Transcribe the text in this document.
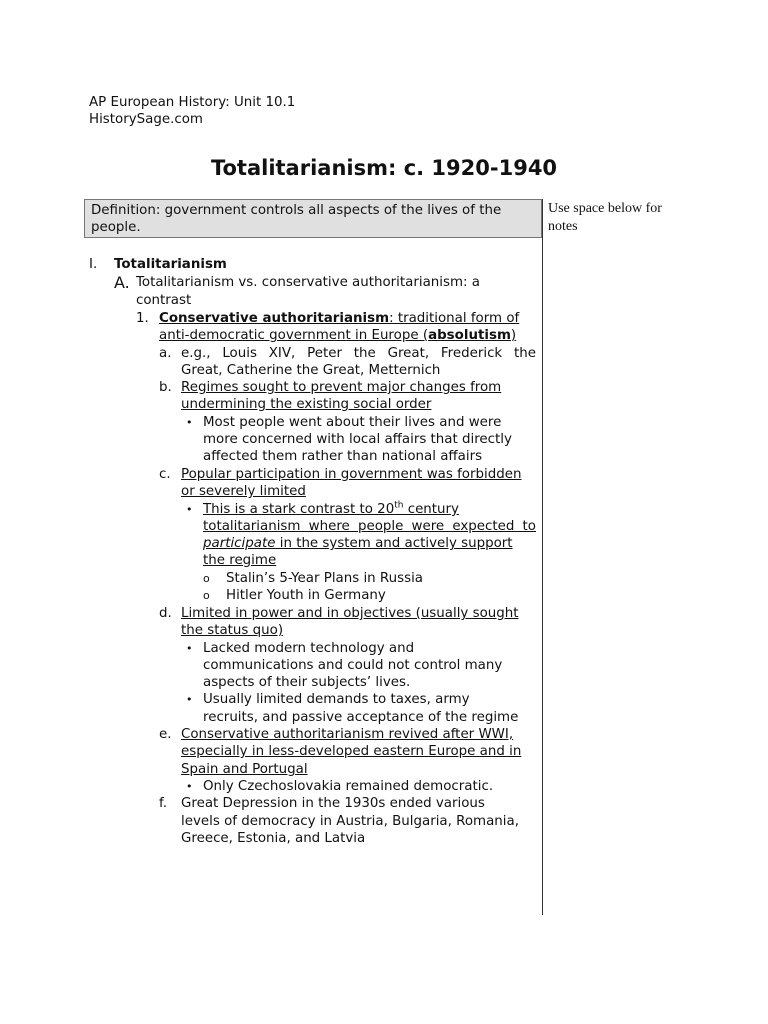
AP European History: Unit 10.1
HistorySage.com
Totalitarianism: c. 1920-1940
Definition: government controls all aspects of the lives of the
people.
Use space below for
notes
I. Totalitarianism
A. Totalitarianism vs. conservative authoritarianism: a
contrast
1. Conservative authoritarianism: traditional form of
anti-democratic government in Europe (absolutism)
a. e.g., Louis XIV, Peter the Great, Frederick the
Great, Catherine the Great, Metternich
b. Regimes sought to prevent major changes from
undermining the existing social order
• Most people went about their lives and were
more concerned with local affairs that directly
affected them rather than national affairs
c. Popular participation in government was forbidden
or severely limited
• This is a stark contrast to 20th century
totalitarianism where people were expected to
participate in the system and actively support
the regime
o Stalin’s 5-Year Plans in Russia
o Hitler Youth in Germany
d. Limited in power and in objectives (usually sought
the status quo)
• Lacked modern technology and
communications and could not control many
aspects of their subjects’ lives.
• Usually limited demands to taxes, army
recruits, and passive acceptance of the regime
e. Conservative authoritarianism revived after WWI,
especially in less-developed eastern Europe and in
Spain and Portugal
• Only Czechoslovakia remained democratic.
f. Great Depression in the 1930s ended various
levels of democracy in Austria, Bulgaria, Romania,
Greece, Estonia, and Latvia
